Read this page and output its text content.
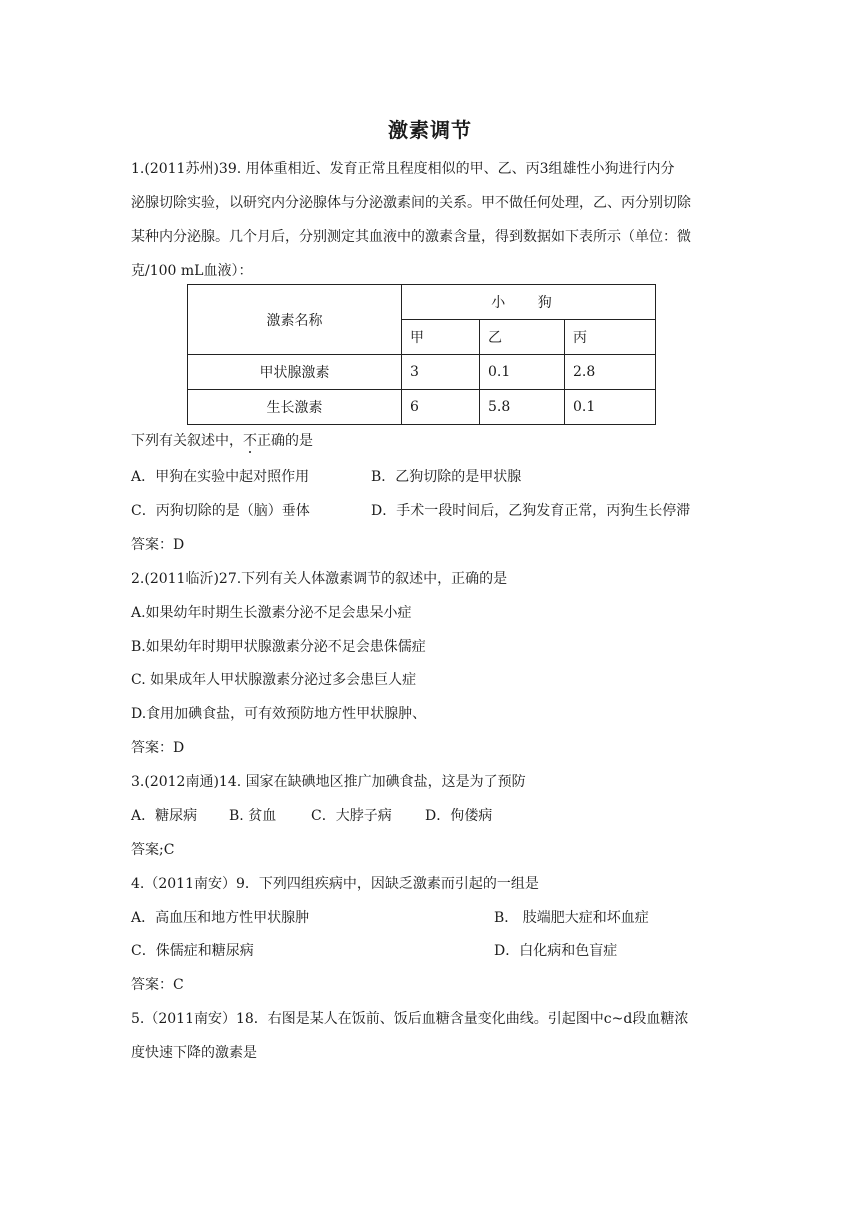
激素调节
1.(2011苏州)39. 用体重相近、发育正常且程度相似的甲、乙、丙3组雄性小狗进行内分
泌腺切除实验，以研究内分泌腺体与分泌激素间的关系。甲不做任何处理，乙、丙分别切除
某种内分泌腺。几个月后，分别测定其血液中的激素含量，得到数据如下表所示（单位：微
克/100 mL血液）：
激素名称	小 狗		
	甲	乙	丙
甲状腺激素	3	0.1	2.8
生长激素	6	5.8	0.1
下列有关叙述中，不正确的是
A．甲狗在实验中起对照作用	B．乙狗切除的是甲状腺
C．丙狗切除的是（脑）垂体	D．手术一段时间后，乙狗发育正常，丙狗生长停滞
答案：D
2.(2011临沂)27.下列有关人体激素调节的叙述中，正确的是
A.如果幼年时期生长激素分泌不足会患呆小症
B.如果幼年时期甲状腺激素分泌不足会患侏儒症
C. 如果成年人甲状腺激素分泌过多会患巨人症
D.食用加碘食盐，可有效预防地方性甲状腺肿、
答案：D
3.(2012南通)14. 国家在缺碘地区推广加碘食盐，这是为了预防
A．糖尿病 B. 贫血 C．大脖子病 D．佝偻病
答案;C
4.（2011南安）9．下列四组疾病中，因缺乏激素而引起的一组是
A．高血压和地方性甲状腺肿	B． 肢端肥大症和坏血症
C．侏儒症和糖尿病	D．白化病和色盲症
答案：C
5.（2011南安）18．右图是某人在饭前、饭后血糖含量变化曲线。引起图中c~d段血糖浓
度快速下降的激素是
